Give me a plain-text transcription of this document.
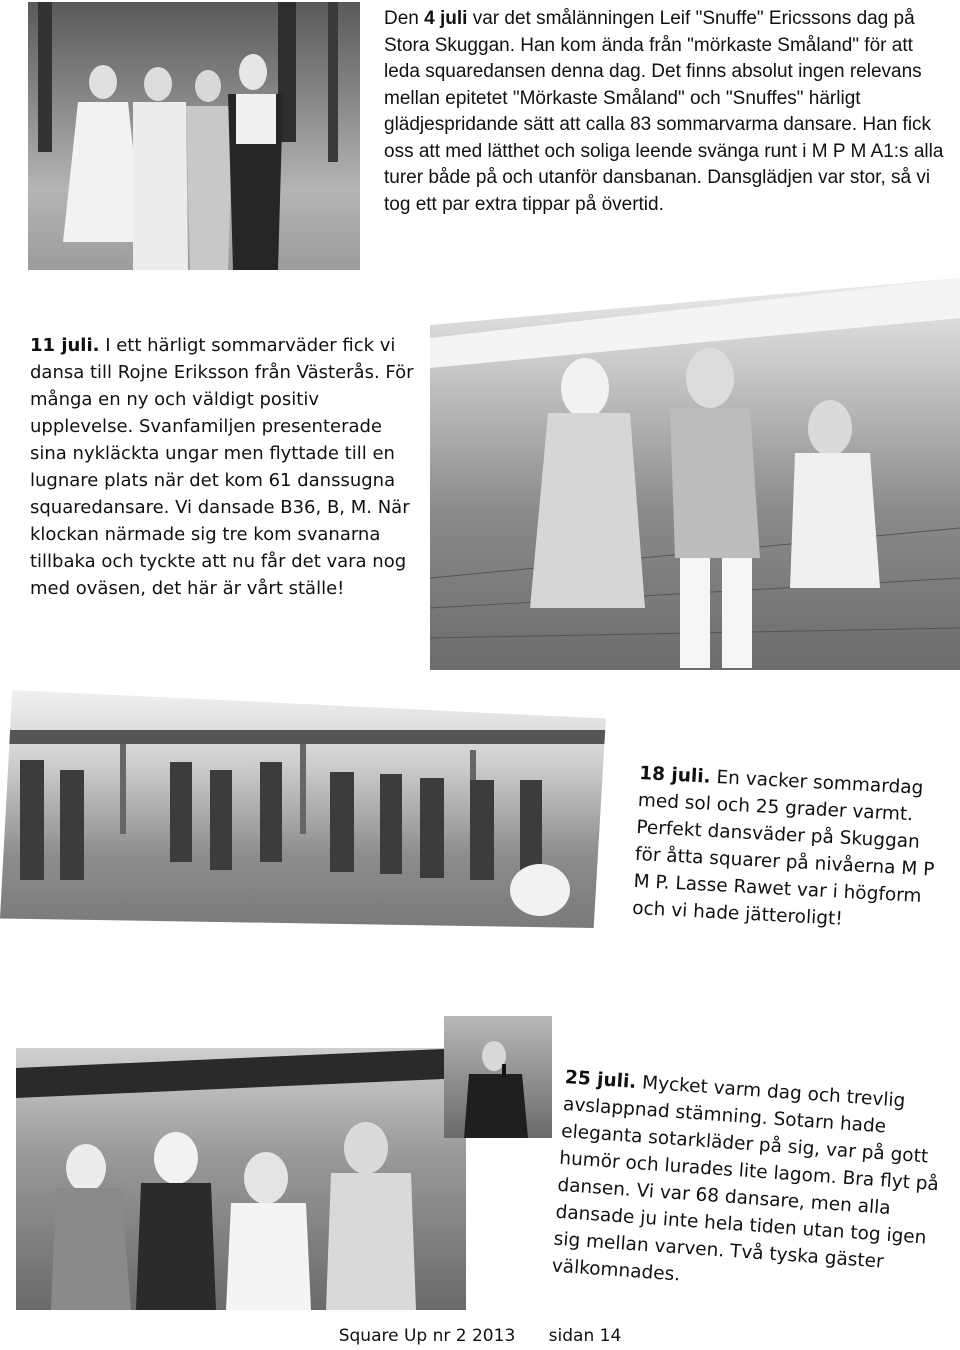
Den 4 juli var det smålänningen Leif "Snuffe" Ericssons dag på Stora Skuggan. Han kom ända från "mörkaste Småland" för att leda squaredansen denna dag. Det finns absolut ingen relevans mellan epitetet "Mörkaste Småland" och "Snuffes" härligt glädjespridande sätt att calla 83 sommarvarma dansare. Han fick oss att med lätthet och soliga leende svänga runt i M P M A1:s alla turer både på och utanför dansbanan. Dansglädjen var stor, så vi tog ett par extra tippar på övertid.
11 juli. I ett härligt sommarväder fick vi dansa till Rojne Eriksson från Västerås. För många en ny och väldigt positiv upplevelse. Svanfamiljen presenterade sina nykläckta ungar men flyttade till en lugnare plats när det kom 61 danssugna squaredansare. Vi dansade B36, B, M. När klockan närmade sig tre kom svanarna tillbaka och tyckte att nu får det vara nog med oväsen, det här är vårt ställe!
18 juli. En vacker sommardag med sol och 25 grader varmt. Perfekt dansväder på Skuggan för åtta squarer på nivåerna M P M P. Lasse Rawet var i högform och vi hade jätteroligt!
25 juli. Mycket varm dag och trevlig avslappnad stämning. Sotarn hade eleganta sotarkläder på sig, var på gott humör och lurades lite lagom. Bra flyt på dansen. Vi var 68 dansare, men alla dansade ju inte hela tiden utan tog igen sig mellan varven. Två tyska gäster välkomnades.
Square Up nr 2 2013 sidan 14
